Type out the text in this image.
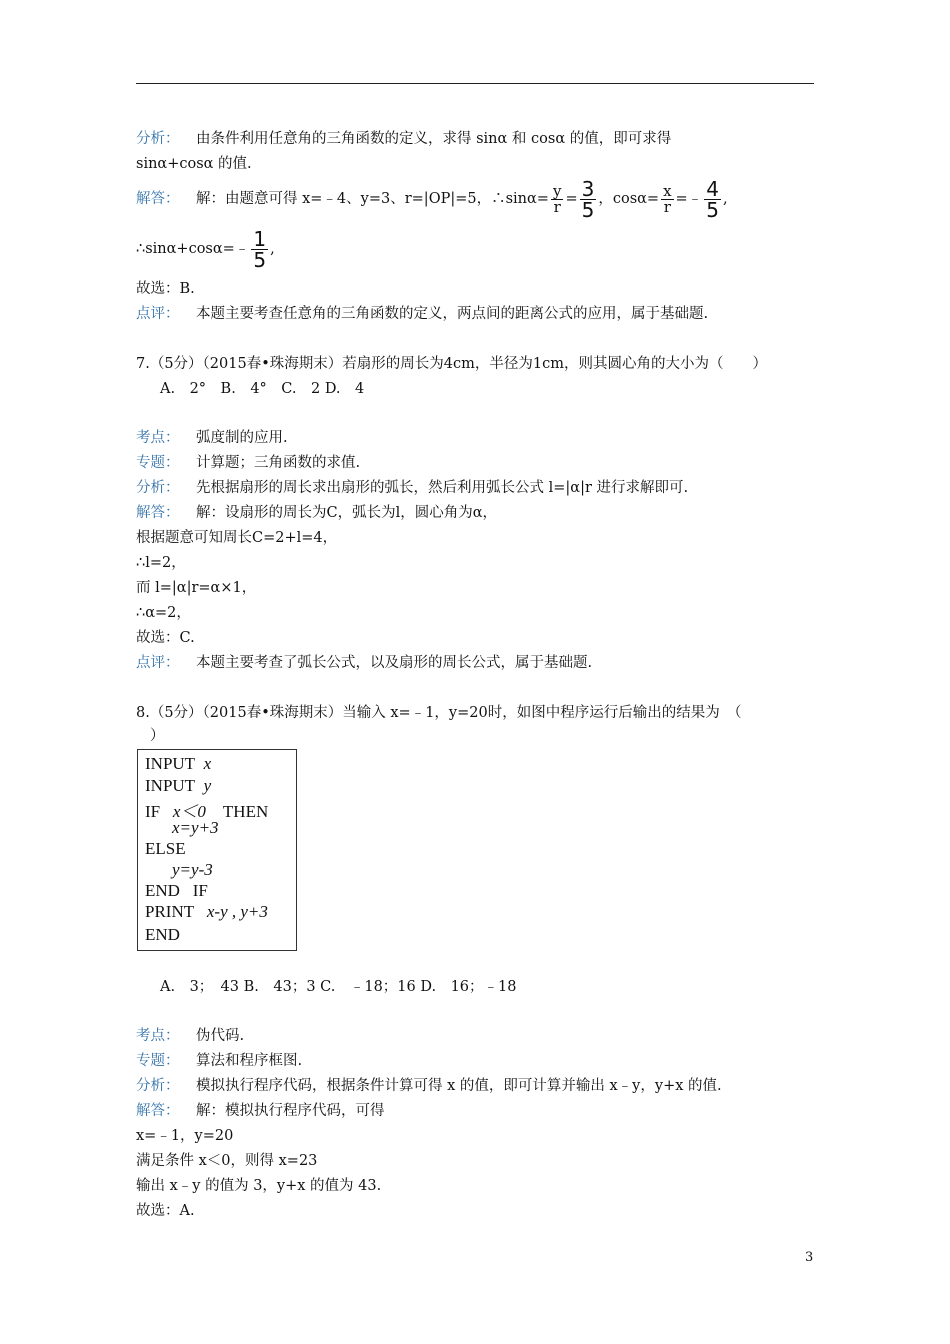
分析： 由条件利用任意角的三角函数的定义，求得 sinα 和 cosα 的值，即可求得
sinα+cosα 的值.
解答： 解：由题意可得 x=﹣4、y=3、r=|OP|=5，∴sinα= $\frac{y}{r} = \frac{3}{5}$ ，$\cos\alpha= \frac{x}{r}$ =﹣ $\frac{4}{5}$ ,
∴sinα+cosα=﹣ $\frac{1}{5}$ ,
故选：B.
点评： 本题主要考查任意角的三角函数的定义，两点间的距离公式的应用，属于基础题.
7.（5分）（2015春•珠海期末）若扇形的周长为4cm，半径为1cm，则其圆心角的大小为（　　）
A.　2°　B.　4°　C.　2 D.　4
考点： 弧度制的应用.
专题： 计算题；三角函数的求值.
分析： 先根据扇形的周长求出扇形的弧长，然后利用弧长公式 l=|α|r 进行求解即可.
解答： 解：设扇形的周长为C，弧长为l，圆心角为α，
根据题意可知周长C=2+l=4，
∴l=2，
而 l=|α|r=α×1，
∴α=2，
故选：C.
点评： 本题主要考查了弧长公式，以及扇形的周长公式，属于基础题.
8.（5分）（2015春•珠海期末）当输入 x=﹣1，y=20时，如图中程序运行后输出的结果为　（
）
INPUT x
INPUT y
IF x＜0 THEN
x=y+3
ELSE
y=y-3
END IF
PRINT x-y , y+3
END
A.　3；　43 B.　43；3 C.　﹣18；16 D.　16；﹣18
考点： 伪代码.
专题： 算法和程序框图.
分析： 模拟执行程序代码，根据条件计算可得 x 的值，即可计算并输出 x﹣y，y+x 的值.
解答： 解：模拟执行程序代码，可得
x=﹣1，y=20
满足条件 x＜0，则得 x=23
输出 x﹣y 的值为 3，y+x 的值为 43.
故选：A.
3
